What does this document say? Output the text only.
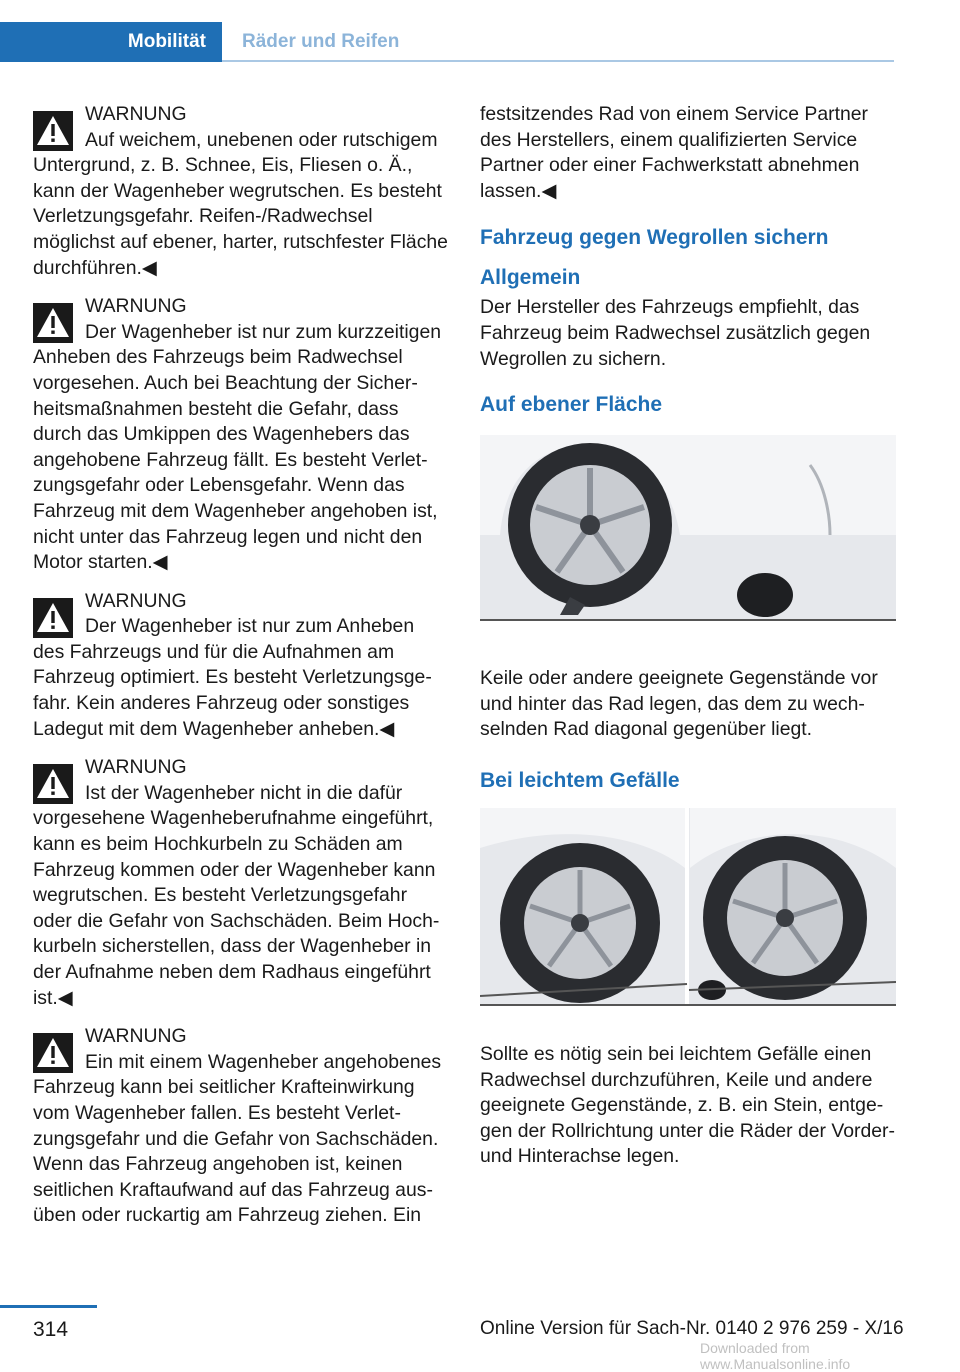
Mobilität	Räder und Reifen

WARNUNG

Auf weichem, unebenen oder rutschigem

Untergrund, z. B. Schnee, Eis, Fliesen o. Ä., kann der Wagenheber wegrutschen. Es besteht Verletzungsgefahr. Reifen-/Radwechsel möglichst auf ebener, harter, rutschfester Fläche durchführen.◀

WARNUNG

Der Wagenheber ist nur zum kurzzeitigen

Anheben des Fahrzeugs beim Radwechsel vorgesehen. Auch bei Beachtung der Sicherheitsmaßnahmen besteht die Gefahr, dass durch das Umkippen des Wagenhebers das angehobene Fahrzeug fällt. Es besteht Verletzungsgefahr oder Lebensgefahr. Wenn das Fahrzeug mit dem Wagenheber angehoben ist, nicht unter das Fahrzeug legen und nicht den Motor starten.◀

WARNUNG

Der Wagenheber ist nur zum Anheben

des Fahrzeugs und für die Aufnahmen am Fahrzeug optimiert. Es besteht Verletzungsgefahr. Kein anderes Fahrzeug oder sonstiges Ladegut mit dem Wagenheber anheben.◀

WARNUNG

Ist der Wagenheber nicht in die dafür

vorgesehene Wagenheberufnahme eingeführt, kann es beim Hochkurbeln zu Schäden am Fahrzeug kommen oder der Wagenheber kann wegrutschen. Es besteht Verletzungsgefahr oder die Gefahr von Sachschäden. Beim Hochkurbeln sicherstellen, dass der Wagenheber in der Aufnahme neben dem Radhaus eingeführt ist.◀

WARNUNG

Ein mit einem Wagenheber angehobenes

Fahrzeug kann bei seitlicher Krafteinwirkung vom Wagenheber fallen. Es besteht Verletzungsgefahr und die Gefahr von Sachschäden. Wenn das Fahrzeug angehoben ist, keinen seitlichen Kraftaufwand auf das Fahrzeug ausüben oder ruckartig am Fahrzeug ziehen. Ein

festsitzendes Rad von einem Service Partner des Herstellers, einem qualifizierten Service Partner oder einer Fachwerkstatt abnehmen lassen.◀

Fahrzeug gegen Wegrollen sichern
Allgemein

Der Hersteller des Fahrzeugs empfiehlt, das Fahrzeug beim Radwechsel zusätzlich gegen Wegrollen zu sichern.

Auf ebener Fläche

Keile oder andere geeignete Gegenstände vor und hinter das Rad legen, das dem zu wechselnden Rad diagonal gegenüber liegt.

Bei leichtem Gefälle

Sollte es nötig sein bei leichtem Gefälle einen Radwechsel durchzuführen, Keile und andere geeignete Gegenstände, z. B. ein Stein, entgegen der Rollrichtung unter die Räder der Vorder- und Hinterachse legen.

314	Online Version für Sach-Nr. 0140 2 976 259 - X/16
Downloaded from www.Manualsonline.info
